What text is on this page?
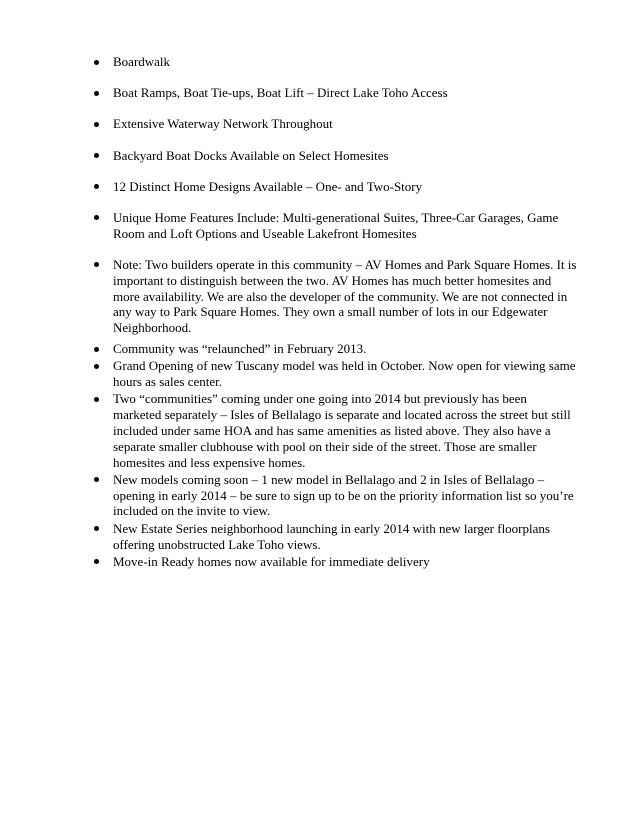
Boardwalk
Boat Ramps, Boat Tie-ups, Boat Lift – Direct Lake Toho Access
Extensive Waterway Network Throughout
Backyard Boat Docks Available on Select Homesites
12 Distinct Home Designs Available – One- and Two-Story
Unique Home Features Include: Multi-generational Suites, Three-Car Garages, Game Room and Loft Options and Useable Lakefront Homesites
Note: Two builders operate in this community – AV Homes and Park Square Homes. It is important to distinguish between the two. AV Homes has much better homesites and more availability. We are also the developer of the community. We are not connected in any way to Park Square Homes. They own a small number of lots in our Edgewater Neighborhood.
Community was “relaunched” in February 2013.
Grand Opening of new Tuscany model was held in October. Now open for viewing same hours as sales center.
Two “communities” coming under one going into 2014 but previously has been marketed separately – Isles of Bellalago is separate and located across the street but still included under same HOA and has same amenities as listed above. They also have a separate smaller clubhouse with pool on their side of the street. Those are smaller homesites and less expensive homes.
New models coming soon – 1 new model in Bellalago and 2 in Isles of Bellalago – opening in early 2014 – be sure to sign up to be on the priority information list so you’re included on the invite to view.
New Estate Series neighborhood launching in early 2014 with new larger floorplans offering unobstructed Lake Toho views.
Move-in Ready homes now available for immediate delivery
